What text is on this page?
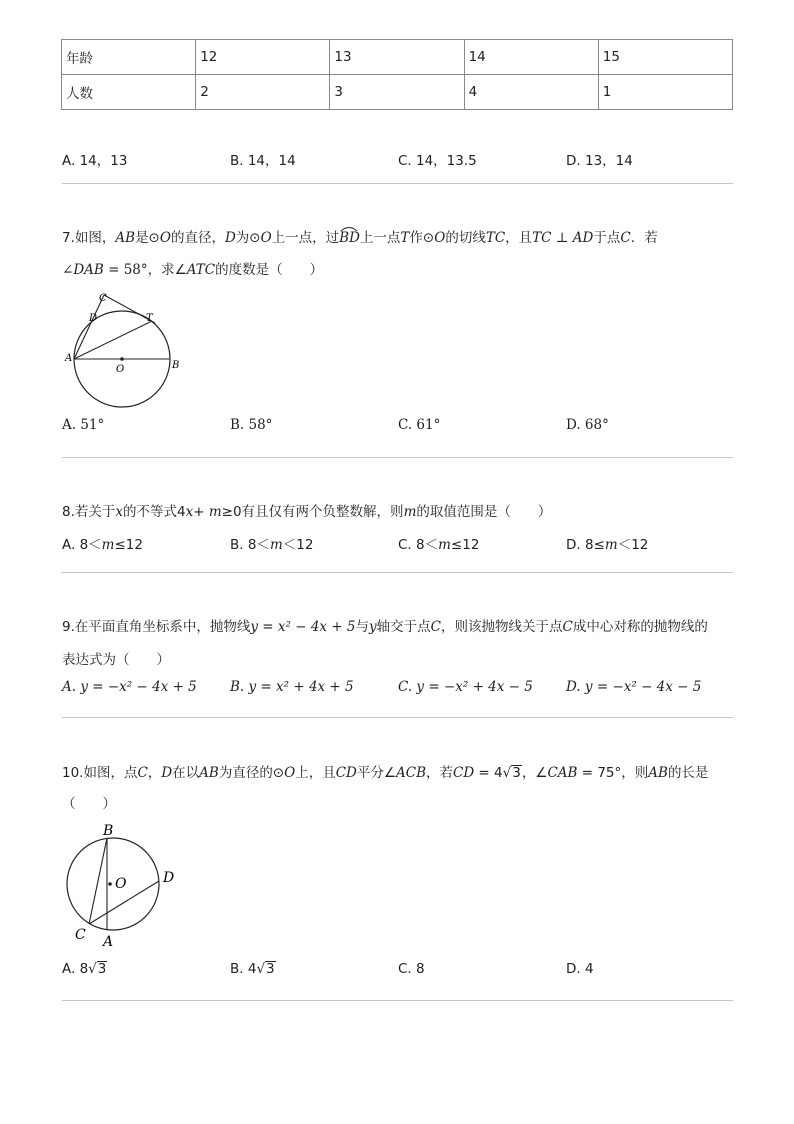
年龄	12	13	14	15
人数	2	3	4	1
A. 14，13	B. 14，14	C. 14，13.5	D. 13，14
7.如图，AB是⊙O的直径，D为⊙O上一点，过
BD上一点T作⊙O的切线TC，且TC ⊥ AD于点C．若
∠DAB = 58°，求∠ATC的度数是（　　）
C
D	T
A
O	B
A. 51°	B. 58°	C. 61°	D. 68°
8.若关于x的不等式4x+ m≥0有且仅有两个负整数解，则m的取值范围是（　　）
A. 8＜m≤12	B. 8＜m＜12	C. 8＜m≤12	D. 8≤m＜12
9.在平面直角坐标系中，抛物线y = x² − 4x + 5与y轴交于点C，则该抛物线关于点C成中心对称的抛物线的
表达式为（　　）
A. y = −x² − 4x + 5 B. y = x² + 4x + 5	C. y = −x² + 4x − 5 D. y = −x² − 4x − 5
10.如图，点C，D在以AB为直径的⊙O上，且CD平分∠ACB，若CD = 4√3，∠CAB = 75°，则AB的长是
（　　）
B
O	D
C A
A. 8√3	B. 4√3	C. 8	D. 4
